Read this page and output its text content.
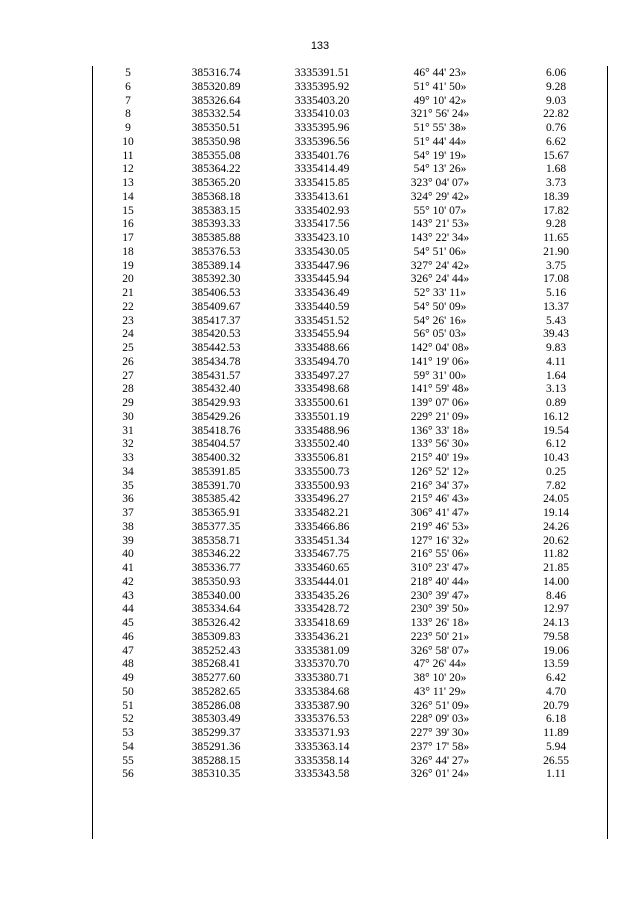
133
5	385316.74	3335391.51	46° 44' 23»	6.06
6	385320.89	3335395.92	51° 41' 50»	9.28
7	385326.64	3335403.20	49° 10' 42»	9.03
8	385332.54	3335410.03	321° 56' 24»	22.82
9	385350.51	3335395.96	51° 55' 38»	0.76
10	385350.98	3335396.56	51° 44' 44»	6.62
11	385355.08	3335401.76	54° 19' 19»	15.67
12	385364.22	3335414.49	54° 13' 26»	1.68
13	385365.20	3335415.85	323° 04' 07»	3.73
14	385368.18	3335413.61	324° 29' 42»	18.39
15	385383.15	3335402.93	55° 10' 07»	17.82
16	385393.33	3335417.56	143° 21' 53»	9.28
17	385385.88	3335423.10	143° 22' 34»	11.65
18	385376.53	3335430.05	54° 51' 06»	21.90
19	385389.14	3335447.96	327° 24' 42»	3.75
20	385392.30	3335445.94	326° 24' 44»	17.08
21	385406.53	3335436.49	52° 33' 11»	5.16
22	385409.67	3335440.59	54° 50' 09»	13.37
23	385417.37	3335451.52	54° 26' 16»	5.43
24	385420.53	3335455.94	56° 05' 03»	39.43
25	385442.53	3335488.66	142° 04' 08»	9.83
26	385434.78	3335494.70	141° 19' 06»	4.11
27	385431.57	3335497.27	59° 31' 00»	1.64
28	385432.40	3335498.68	141° 59' 48»	3.13
29	385429.93	3335500.61	139° 07' 06»	0.89
30	385429.26	3335501.19	229° 21' 09»	16.12
31	385418.76	3335488.96	136° 33' 18»	19.54
32	385404.57	3335502.40	133° 56' 30»	6.12
33	385400.32	3335506.81	215° 40' 19»	10.43
34	385391.85	3335500.73	126° 52' 12»	0.25
35	385391.70	3335500.93	216° 34' 37»	7.82
36	385385.42	3335496.27	215° 46' 43»	24.05
37	385365.91	3335482.21	306° 41' 47»	19.14
38	385377.35	3335466.86	219° 46' 53»	24.26
39	385358.71	3335451.34	127° 16' 32»	20.62
40	385346.22	3335467.75	216° 55' 06»	11.82
41	385336.77	3335460.65	310° 23' 47»	21.85
42	385350.93	3335444.01	218° 40' 44»	14.00
43	385340.00	3335435.26	230° 39' 47»	8.46
44	385334.64	3335428.72	230° 39' 50»	12.97
45	385326.42	3335418.69	133° 26' 18»	24.13
46	385309.83	3335436.21	223° 50' 21»	79.58
47	385252.43	3335381.09	326° 58' 07»	19.06
48	385268.41	3335370.70	47° 26' 44»	13.59
49	385277.60	3335380.71	38° 10' 20»	6.42
50	385282.65	3335384.68	43° 11' 29»	4.70
51	385286.08	3335387.90	326° 51' 09»	20.79
52	385303.49	3335376.53	228° 09' 03»	6.18
53	385299.37	3335371.93	227° 39' 30»	11.89
54	385291.36	3335363.14	237° 17' 58»	5.94
55	385288.15	3335358.14	326° 44' 27»	26.55
56	385310.35	3335343.58	326° 01' 24»	1.11
